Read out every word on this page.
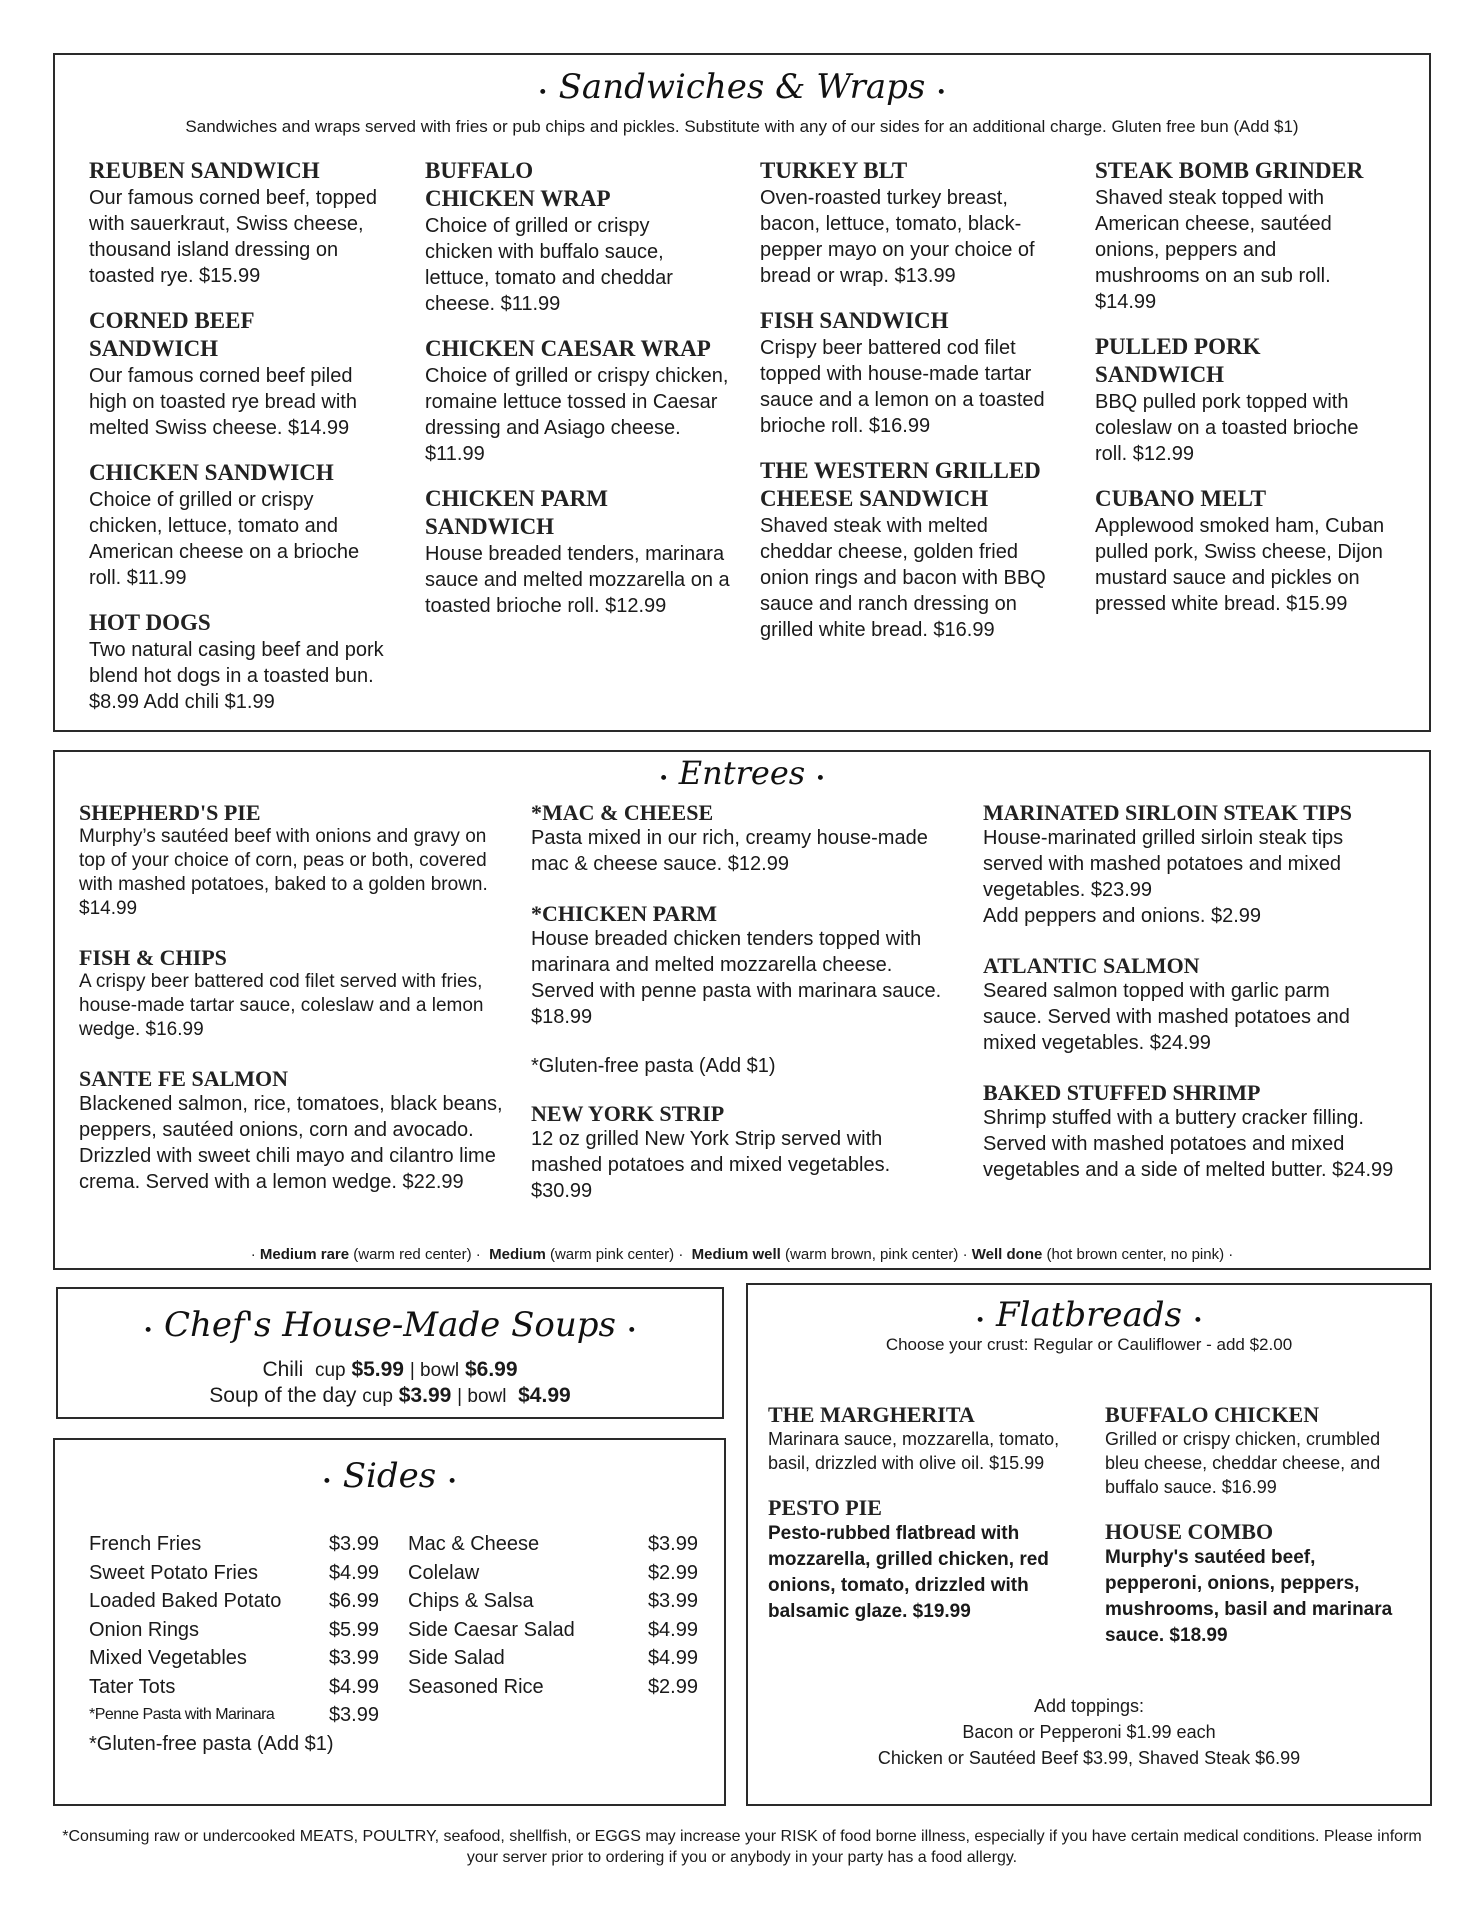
• Sandwiches & Wraps •
Sandwiches and wraps served with fries or pub chips and pickles. Substitute with any of our sides for an additional charge. Gluten free bun (Add $1)
REUBEN SANDWICH
Our famous corned beef, topped with sauerkraut, Swiss cheese, thousand island dressing on toasted rye. $15.99
CORNED BEEF SANDWICH
Our famous corned beef piled high on toasted rye bread with melted Swiss cheese. $14.99
CHICKEN SANDWICH
Choice of grilled or crispy chicken, lettuce, tomato and American cheese on a brioche roll. $11.99
HOT DOGS
Two natural casing beef and pork blend hot dogs in a toasted bun. $8.99 Add chili $1.99
BUFFALO CHICKEN WRAP
Choice of grilled or crispy chicken with buffalo sauce, lettuce, tomato and cheddar cheese. $11.99
CHICKEN CAESAR WRAP
Choice of grilled or crispy chicken, romaine lettuce tossed in Caesar dressing and Asiago cheese. $11.99
CHICKEN PARM SANDWICH
House breaded tenders, marinara sauce and melted mozzarella on a toasted brioche roll. $12.99
TURKEY BLT
Oven-roasted turkey breast, bacon, lettuce, tomato, black-pepper mayo on your choice of bread or wrap. $13.99
FISH SANDWICH
Crispy beer battered cod filet topped with house-made tartar sauce and a lemon on a toasted brioche roll. $16.99
THE WESTERN GRILLED CHEESE SANDWICH
Shaved steak with melted cheddar cheese, golden fried onion rings and bacon with BBQ sauce and ranch dressing on grilled white bread. $16.99
STEAK BOMB GRINDER
Shaved steak topped with American cheese, sautéed onions, peppers and mushrooms on an sub roll. $14.99
PULLED PORK SANDWICH
BBQ pulled pork topped with coleslaw on a toasted brioche roll. $12.99
CUBANO MELT
Applewood smoked ham, Cuban pulled pork, Swiss cheese, Dijon mustard sauce and pickles on pressed white bread. $15.99
• Entrees •
SHEPHERD'S PIE
Murphy’s sautéed beef with onions and gravy on top of your choice of corn, peas or both, covered with mashed potatoes, baked to a golden brown. $14.99
FISH & CHIPS
A crispy beer battered cod filet served with fries, house-made tartar sauce, coleslaw and a lemon wedge. $16.99
SANTE FE SALMON
Blackened salmon, rice, tomatoes, black beans, peppers, sautéed onions, corn and avocado. Drizzled with sweet chili mayo and cilantro lime crema. Served with a lemon wedge. $22.99
*MAC & CHEESE
Pasta mixed in our rich, creamy house-made mac & cheese sauce. $12.99
*CHICKEN PARM
House breaded chicken tenders topped with marinara and melted mozzarella cheese. Served with penne pasta with marinara sauce. $18.99
*Gluten-free pasta (Add $1)
NEW YORK STRIP
12 oz grilled New York Strip served with mashed potatoes and mixed vegetables. $30.99
MARINATED SIRLOIN STEAK TIPS
House-marinated grilled sirloin steak tips served with mashed potatoes and mixed vegetables. $23.99
Add peppers and onions. $2.99
ATLANTIC SALMON
Seared salmon topped with garlic parm sauce. Served with mashed potatoes and mixed vegetables. $24.99
BAKED STUFFED SHRIMP
Shrimp stuffed with a buttery cracker filling. Served with mashed potatoes and mixed vegetables and a side of melted butter. $24.99
· Medium rare (warm red center) ·  Medium (warm pink center) ·  Medium well (warm brown, pink center) · Well done (hot brown center, no pink) ·
• Chef's House-Made Soups •
Chili cup $5.99 | bowl $6.99
Soup of the day cup $3.99 | bowl $4.99
• Sides •
French Fries	$3.99
Sweet Potato Fries	$4.99
Loaded Baked Potato	$6.99
Onion Rings	$5.99
Mixed Vegetables	$3.99
Tater Tots	$4.99
*Penne Pasta with Marinara	$3.99
*Gluten-free pasta (Add $1)
Mac & Cheese	$3.99
Colelaw	$2.99
Chips & Salsa	$3.99
Side Caesar Salad	$4.99
Side Salad	$4.99
Seasoned Rice	$2.99
• Flatbreads •
Choose your crust: Regular or Cauliflower - add $2.00
THE MARGHERITA
Marinara sauce, mozzarella, tomato, basil, drizzled with olive oil. $15.99
PESTO PIE
Pesto-rubbed flatbread with mozzarella, grilled chicken, red onions, tomato, drizzled with balsamic glaze. $19.99
BUFFALO CHICKEN
Grilled or crispy chicken, crumbled bleu cheese, cheddar cheese, and buffalo sauce. $16.99
HOUSE COMBO
Murphy's sautéed beef, pepperoni, onions, peppers, mushrooms, basil and marinara sauce. $18.99
Add toppings:
Bacon or Pepperoni $1.99 each
Chicken or Sautéed Beef $3.99, Shaved Steak $6.99
*Consuming raw or undercooked MEATS, POULTRY, seafood, shellfish, or EGGS may increase your RISK of food borne illness, especially if you have certain medical conditions. Please inform your server prior to ordering if you or anybody in your party has a food allergy.
